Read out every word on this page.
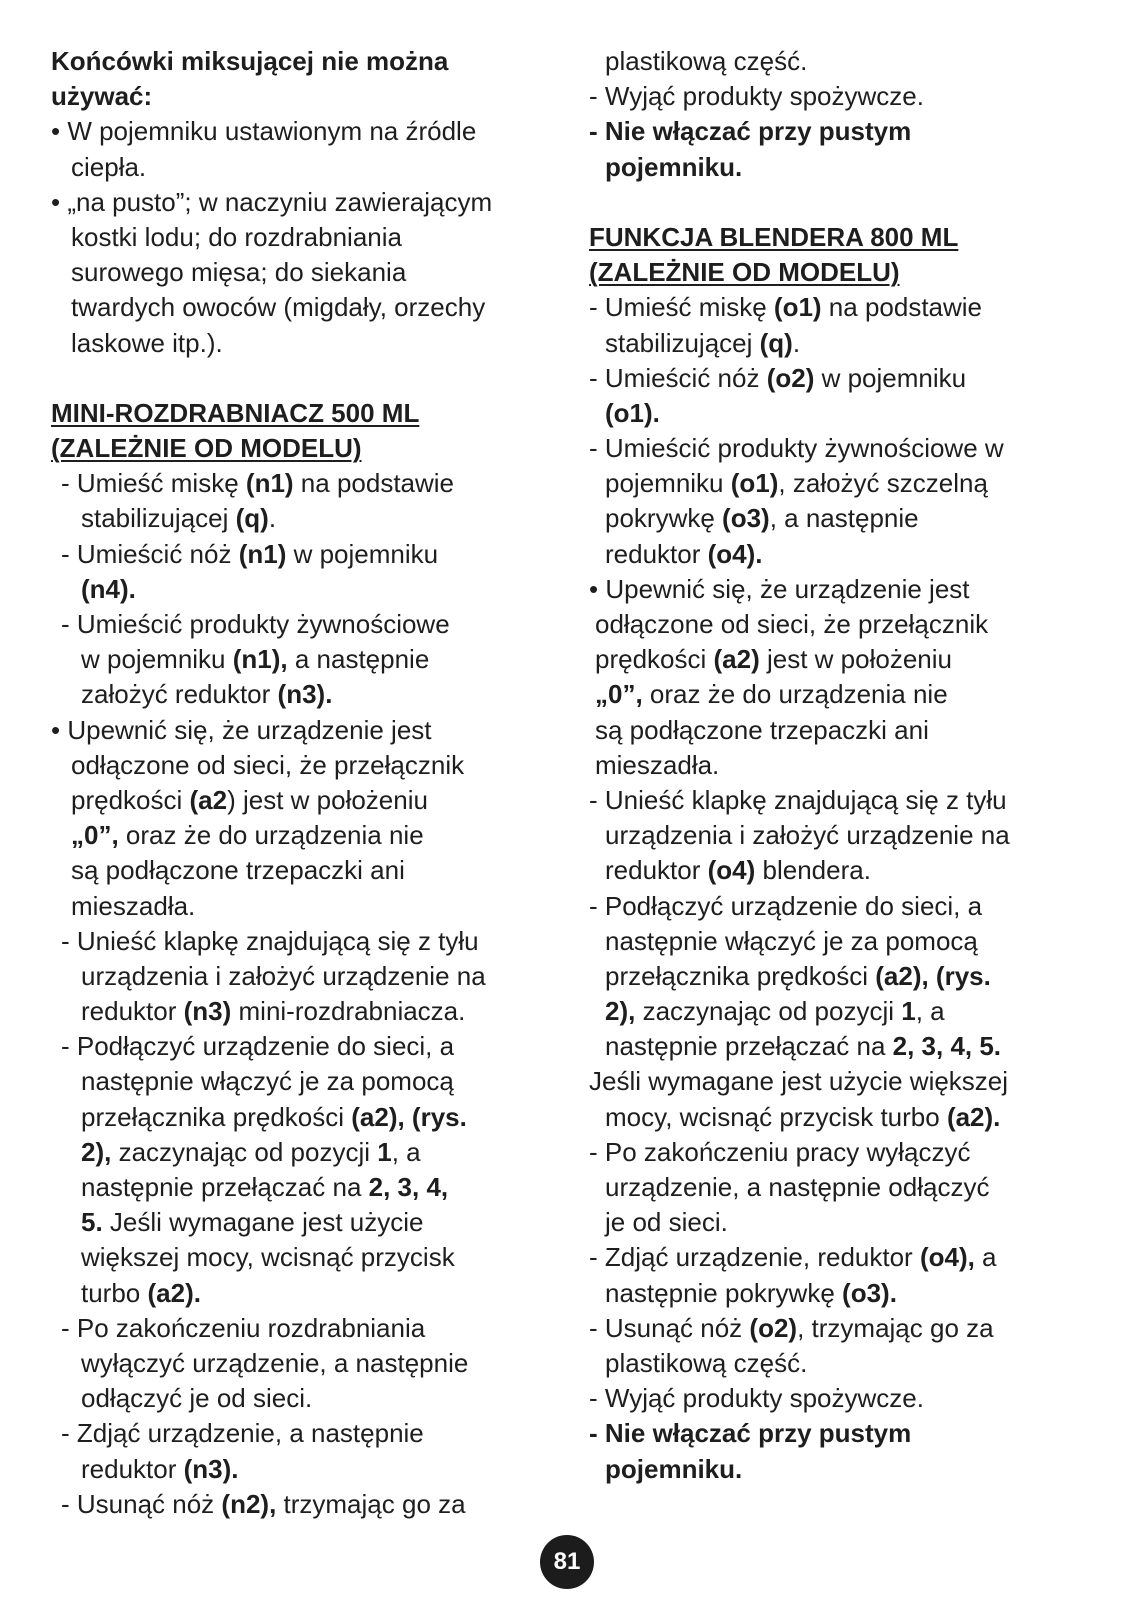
Końcówki miksującej nie można
używać:
• W pojemniku ustawionym na źródle
ciepła.
• „na pusto”; w naczyniu zawierającym
kostki lodu; do rozdrabniania
surowego mięsa; do siekania
twardych owoców (migdały, orzechy
laskowe itp.).
MINI-ROZDRABNIACZ 500 ML
(ZALEŻNIE OD MODELU)
- Umieść miskę (n1) na podstawie
stabilizującej (q).
- Umieścić nóż (n1) w pojemniku
(n4).
- Umieścić produkty żywnościowe
w pojemniku (n1), a następnie
założyć reduktor (n3).
• Upewnić się, że urządzenie jest
odłączone od sieci, że przełącznik
prędkości (a2) jest w położeniu
„0”, oraz że do urządzenia nie
są podłączone trzepaczki ani
mieszadła.
- Unieść klapkę znajdującą się z tyłu
urządzenia i założyć urządzenie na
reduktor (n3) mini-rozdrabniacza.
- Podłączyć urządzenie do sieci, a
następnie włączyć je za pomocą
przełącznika prędkości (a2), (rys.
2), zaczynając od pozycji 1, a
następnie przełączać na 2, 3, 4,
5. Jeśli wymagane jest użycie
większej mocy, wcisnąć przycisk
turbo (a2).
- Po zakończeniu rozdrabniania
wyłączyć urządzenie, a następnie
odłączyć je od sieci.
- Zdjąć urządzenie, a następnie
reduktor (n3).
- Usunąć nóż (n2), trzymając go za
plastikową część.
- Wyjąć produkty spożywcze.
- Nie włączać przy pustym
pojemniku.
FUNKCJA BLENDERA 800 ML
(ZALEŻNIE OD MODELU)
- Umieść miskę (o1) na podstawie
stabilizującej (q).
- Umieścić nóż (o2) w pojemniku
(o1).
- Umieścić produkty żywnościowe w
pojemniku (o1), założyć szczelną
pokrywkę (o3), a następnie
reduktor (o4).
• Upewnić się, że urządzenie jest
odłączone od sieci, że przełącznik
prędkości (a2) jest w położeniu
„0”, oraz że do urządzenia nie
są podłączone trzepaczki ani
mieszadła.
- Unieść klapkę znajdującą się z tyłu
urządzenia i założyć urządzenie na
reduktor (o4) blendera.
- Podłączyć urządzenie do sieci, a
następnie włączyć je za pomocą
przełącznika prędkości (a2), (rys.
2), zaczynając od pozycji 1, a
następnie przełączać na 2, 3, 4, 5.
Jeśli wymagane jest użycie większej
mocy, wcisnąć przycisk turbo (a2).
- Po zakończeniu pracy wyłączyć
urządzenie, a następnie odłączyć
je od sieci.
- Zdjąć urządzenie, reduktor (o4), a
następnie pokrywkę (o3).
- Usunąć nóż (o2), trzymając go za
plastikową część.
- Wyjąć produkty spożywcze.
- Nie włączać przy pustym
pojemniku.
81
